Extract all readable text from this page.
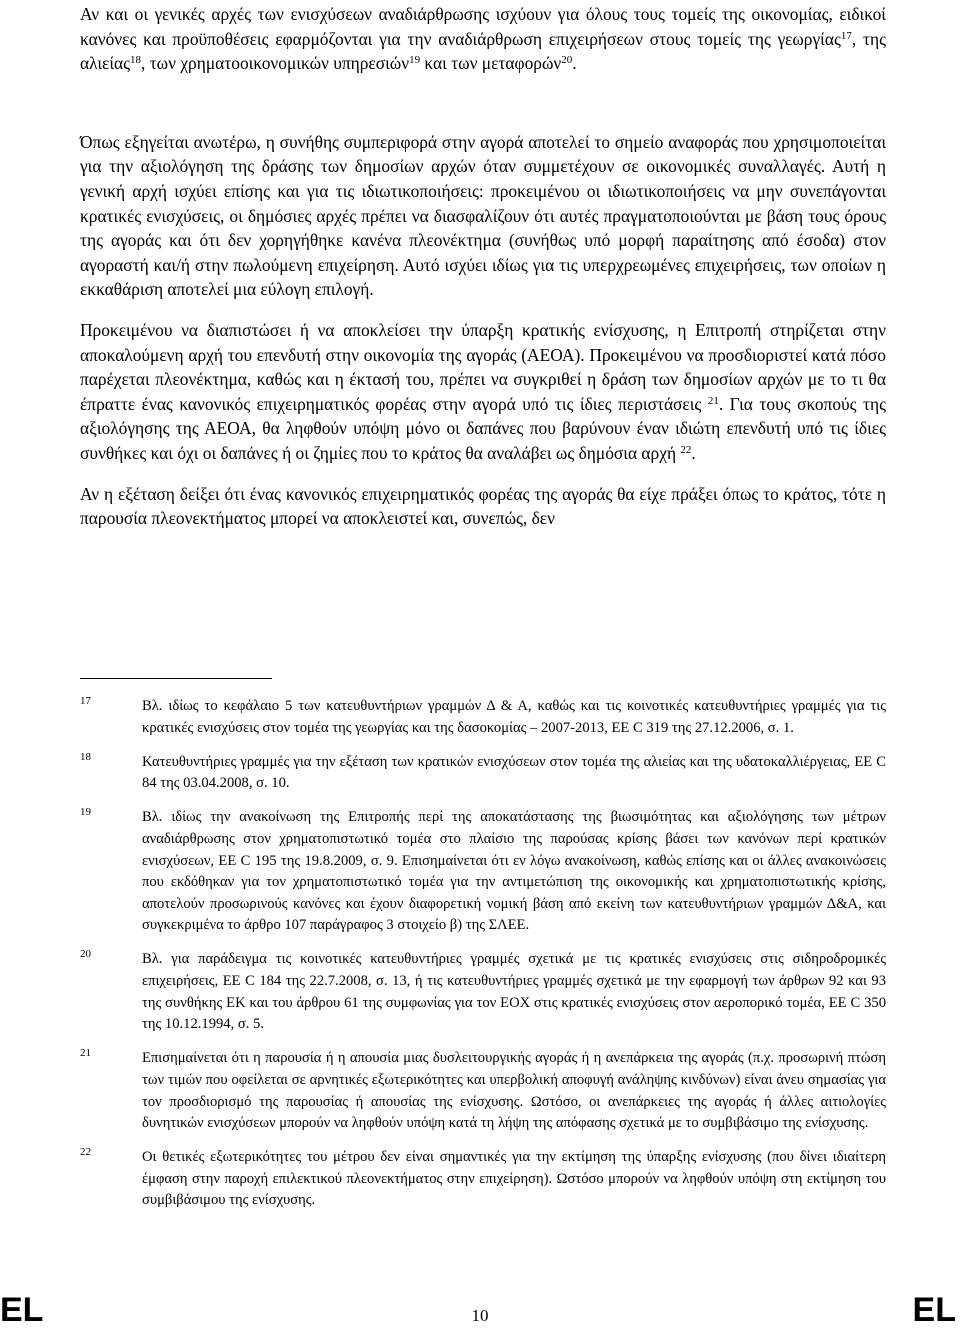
Αν και οι γενικές αρχές των ενισχύσεων αναδιάρθρωσης ισχύουν για όλους τους τομείς της οικονομίας, ειδικοί κανόνες και προϋποθέσεις εφαρμόζονται για την αναδιάρθρωση επιχειρήσεων στους τομείς της γεωργίας$^{17}$, της αλιείας$^{18}$, των χρηματοοικονομικών υπηρεσιών$^{19}$ και των μεταφορών$^{20}$.

Όπως εξηγείται ανωτέρω, η συνήθης συμπεριφορά στην αγορά αποτελεί το σημείο αναφοράς που χρησιμοποιείται για την αξιολόγηση της δράσης των δημοσίων αρχών όταν συμμετέχουν σε οικονομικές συναλλαγές. Αυτή η γενική αρχή ισχύει επίσης και για τις ιδιωτικοποιήσεις: προκειμένου οι ιδιωτικοποιήσεις να μην συνεπάγονται κρατικές ενισχύσεις, οι δημόσιες αρχές πρέπει να διασφαλίζουν ότι αυτές πραγματοποιούνται με βάση τους όρους της αγοράς και ότι δεν χορηγήθηκε κανένα πλεονέκτημα (συνήθως υπό μορφή παραίτησης από έσοδα) στον αγοραστή και/ή στην πωλούμενη επιχείρηση. Αυτό ισχύει ιδίως για τις υπερχρεωμένες επιχειρήσεις, των οποίων η εκκαθάριση αποτελεί μια εύλογη επιλογή.

Προκειμένου να διαπιστώσει ή να αποκλείσει την ύπαρξη κρατικής ενίσχυσης, η Επιτροπή στηρίζεται στην αποκαλούμενη αρχή του επενδυτή στην οικονομία της αγοράς (ΑΕΟΑ). Προκειμένου να προσδιοριστεί κατά πόσο παρέχεται πλεονέκτημα, καθώς και η έκτασή του, πρέπει να συγκριθεί η δράση των δημοσίων αρχών με το τι θα έπραττε ένας κανονικός επιχειρηματικός φορέας στην αγορά υπό τις ίδιες περιστάσεις $^{21}$. Για τους σκοπούς της αξιολόγησης της ΑΕΟΑ, θα ληφθούν υπόψη μόνο οι δαπάνες που βαρύνουν έναν ιδιώτη επενδυτή υπό τις ίδιες συνθήκες και όχι οι δαπάνες ή οι ζημίες που το κράτος θα αναλάβει ως δημόσια αρχή $^{22}$.

Αν η εξέταση δείξει ότι ένας κανονικός επιχειρηματικός φορέας της αγοράς θα είχε πράξει όπως το κράτος, τότε η παρουσία πλεονεκτήματος μπορεί να αποκλειστεί και, συνεπώς, δεν

17	Βλ. ιδίως το κεφάλαιο 5 των κατευθυντήριων γραμμών Δ & Α, καθώς και τις κοινοτικές κατευθυντήριες γραμμές για τις κρατικές ενισχύσεις στον τομέα της γεωργίας και της δασοκομίας – 2007-2013, ΕΕ C 319 της 27.12.2006, σ. 1.
18	Κατευθυντήριες γραμμές για την εξέταση των κρατικών ενισχύσεων στον τομέα της αλιείας και της υδατοκαλλιέργειας, ΕΕ C 84 της 03.04.2008, σ. 10.
19	Βλ. ιδίως την ανακοίνωση της Επιτροπής περί της αποκατάστασης της βιωσιμότητας και αξιολόγησης των μέτρων αναδιάρθρωσης στον χρηματοπιστωτικό τομέα στο πλαίσιο της παρούσας κρίσης βάσει των κανόνων περί κρατικών ενισχύσεων, ΕΕ C 195 της 19.8.2009, σ. 9. Επισημαίνεται ότι εν λόγω ανακοίνωση, καθώς επίσης και οι άλλες ανακοινώσεις που εκδόθηκαν για τον χρηματοπιστωτικό τομέα για την αντιμετώπιση της οικονομικής και χρηματοπιστωτικής κρίσης, αποτελούν προσωρινούς κανόνες και έχουν διαφορετική νομική βάση από εκείνη των κατευθυντήριων γραμμών Δ&Α, και συγκεκριμένα το άρθρο 107 παράγραφος 3 στοιχείο β) της ΣΛΕΕ.
20	Βλ. για παράδειγμα τις κοινοτικές κατευθυντήριες γραμμές σχετικά με τις κρατικές ενισχύσεις στις σιδηροδρομικές επιχειρήσεις, ΕΕ C 184 της 22.7.2008, σ. 13, ή τις κατευθυντήριες γραμμές σχετικά με την εφαρμογή των άρθρων 92 και 93 της συνθήκης ΕΚ και του άρθρου 61 της συμφωνίας για τον ΕΟΧ στις κρατικές ενισχύσεις στον αεροπορικό τομέα, ΕΕ C 350 της 10.12.1994, σ. 5.
21	Επισημαίνεται ότι η παρουσία ή η απουσία μιας δυσλειτουργικής αγοράς ή η ανεπάρκεια της αγοράς (π.χ. προσωρινή πτώση των τιμών που οφείλεται σε αρνητικές εξωτερικότητες και υπερβολική αποφυγή ανάληψης κινδύνων) είναι άνευ σημασίας για τον προσδιορισμό της παρουσίας ή απουσίας της ενίσχυσης. Ωστόσο, οι ανεπάρκειες της αγοράς ή άλλες αιτιολογίες δυνητικών ενισχύσεων μπορούν να ληφθούν υπόψη κατά τη λήψη της απόφασης σχετικά με το συμβιβάσιμο της ενίσχυσης.
22	Οι θετικές εξωτερικότητες του μέτρου δεν είναι σημαντικές για την εκτίμηση της ύπαρξης ενίσχυσης (που δίνει ιδιαίτερη έμφαση στην παροχή επιλεκτικού πλεονεκτήματος στην επιχείρηση). Ωστόσο μπορούν να ληφθούν υπόψη στη εκτίμηση του συμβιβάσιμου της ενίσχυσης.
EL	10	EL
